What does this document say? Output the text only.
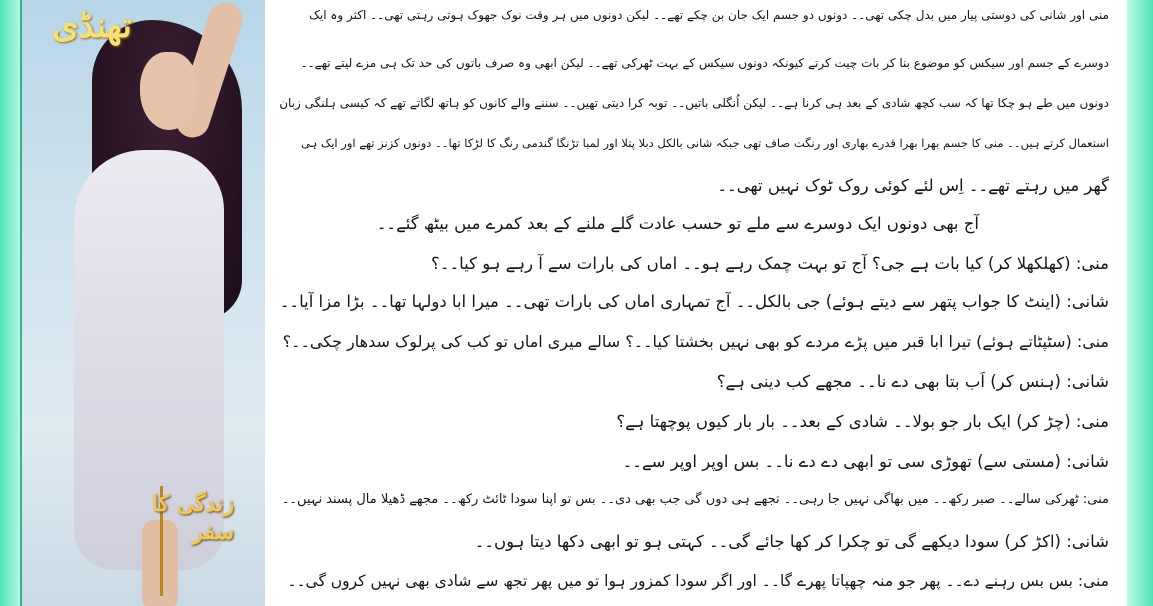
تھنڈی
زندگی کا سفر
منی اور شانی کی دوستی پیار میں بدل چکی تھی۔۔ دونوں دو جسم ایک جان بن چکے تھے۔۔ لیکن دونوں میں ہر وقت نوک جھوک ہوتی رہتی تھی۔۔ اکثر وہ ایک
دوسرے کے جسم اور سیکس کو موضوع بنا کر بات چیت کرتے کیونکہ دونوں سیکس کے بہت ٹھرکی تھے۔۔ لیکن ابھی وہ صرف باتوں کی حد تک ہی مزے لیتے تھے۔۔
دونوں میں طے ہو چکا تھا کہ سب کچھ شادی کے بعد ہی کرنا ہے۔۔ لیکن اُنگلی باتیں۔۔ توبہ کرا دیتی تھیں۔۔ سننے والے کانوں کو ہاتھ لگاتے تھے کہ کیسی ہلنگی زبان
استعمال کرتے ہیں۔۔ منی کا جسم بھرا بھرا قدرے بھاری اور رنگت صاف تھی جبکہ شانی بالکل دبلا پتلا اور لمبا تڑنگا گندمی رنگ کا لڑکا تھا۔۔ دونوں کزنز تھے اور ایک ہی
گھر میں رہتے تھے۔۔ اِس لئے کوئی روک ٹوک نہیں تھی۔۔
آج بھی دونوں ایک دوسرے سے ملے تو حسب عادت گلے ملنے کے بعد کمرے میں بیٹھ گئے۔۔
منی: (کھلکھلا کر) کیا بات ہے جی؟ آج تو بہت چمک رہے ہو۔۔ اماں کی بارات سے آ رہے ہو کیا۔۔؟
شانی: (اینٹ کا جواب پتھر سے دیتے ہوئے) جی بالکل۔۔ آج تمہاری اماں کی بارات تھی۔۔ میرا ابا دولہا تھا۔۔ بڑا مزا آیا۔۔
منی: (سٹپٹاتے ہوئے) تیرا ابا قبر میں پڑے مردے کو بھی نہیں بخشتا کیا۔۔؟ سالے میری اماں تو کب کی پرلوک سدھار چکی۔۔؟
شانی: (ہنس کر) اَب بتا بھی دے نا۔۔ مجھے کب دینی ہے؟
منی: (چڑ کر) ایک بار جو بولا۔۔ شادی کے بعد۔۔ بار بار کیوں پوچھتا ہے؟
شانی: (مستی سے) تھوڑی سی تو ابھی دے دے نا۔۔ بس اوپر اوپر سے۔۔
منی: ٹھرکی سالے۔۔ صبر رکھ۔۔ میں بھاگی نہیں جا رہی۔۔ تجھے ہی دوں گی جب بھی دی۔۔ بس تو اپنا سودا ٹائٹ رکھ۔۔ مجھے ڈھیلا مال پسند نہیں۔۔
شانی: (اکڑ کر) سودا دیکھے گی تو چکرا کر کھا جائے گی۔۔ کہتی ہو تو ابھی دکھا دیتا ہوں۔۔
منی: بس بس رہنے دے۔۔ پھر جو منہ چھپاتا پھرے گا۔۔ اور اگر سودا کمزور ہوا تو میں پھر تجھ سے شادی بھی نہیں کروں گی۔۔
